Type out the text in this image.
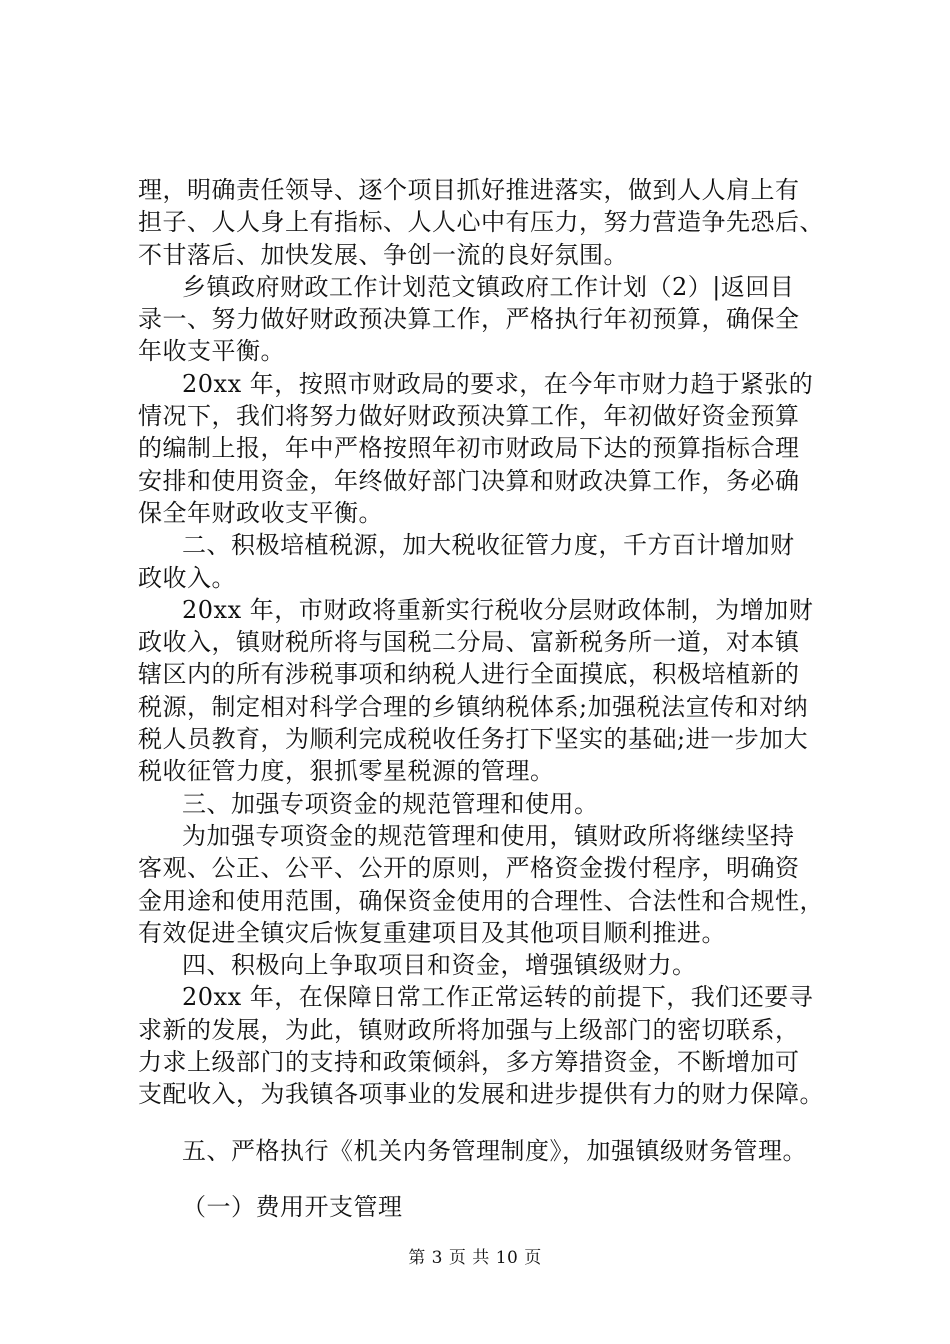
理，明确责任领导、逐个项目抓好推进落实，做到人人肩上有
担子、人人身上有指标、人人心中有压力，努力营造争先恐后、
不甘落后、加快发展、争创一流的良好氛围。
乡镇政府财政工作计划范文镇政府工作计划（2）|返回目
录一、努力做好财政预决算工作，严格执行年初预算，确保全
年收支平衡。
20xx 年，按照市财政局的要求，在今年市财力趋于紧张的
情况下，我们将努力做好财政预决算工作，年初做好资金预算
的编制上报，年中严格按照年初市财政局下达的预算指标合理
安排和使用资金，年终做好部门决算和财政决算工作，务必确
保全年财政收支平衡。
二、积极培植税源，加大税收征管力度，千方百计增加财
政收入。
20xx 年，市财政将重新实行税收分层财政体制，为增加财
政收入，镇财税所将与国税二分局、富新税务所一道，对本镇
辖区内的所有涉税事项和纳税人进行全面摸底，积极培植新的
税源，制定相对科学合理的乡镇纳税体系;加强税法宣传和对纳
税人员教育，为顺利完成税收任务打下坚实的基础;进一步加大
税收征管力度，狠抓零星税源的管理。
三、加强专项资金的规范管理和使用。
为加强专项资金的规范管理和使用，镇财政所将继续坚持
客观、公正、公平、公开的原则，严格资金拨付程序，明确资
金用途和使用范围，确保资金使用的合理性、合法性和合规性，
有效促进全镇灾后恢复重建项目及其他项目顺利推进。
四、积极向上争取项目和资金，增强镇级财力。
20xx 年，在保障日常工作正常运转的前提下，我们还要寻
求新的发展，为此，镇财政所将加强与上级部门的密切联系，
力求上级部门的支持和政策倾斜，多方筹措资金，不断增加可
支配收入，为我镇各项事业的发展和进步提供有力的财力保障。
五、严格执行《机关内务管理制度》，加强镇级财务管理。
（一）费用开支管理
第 3 页 共 10 页
